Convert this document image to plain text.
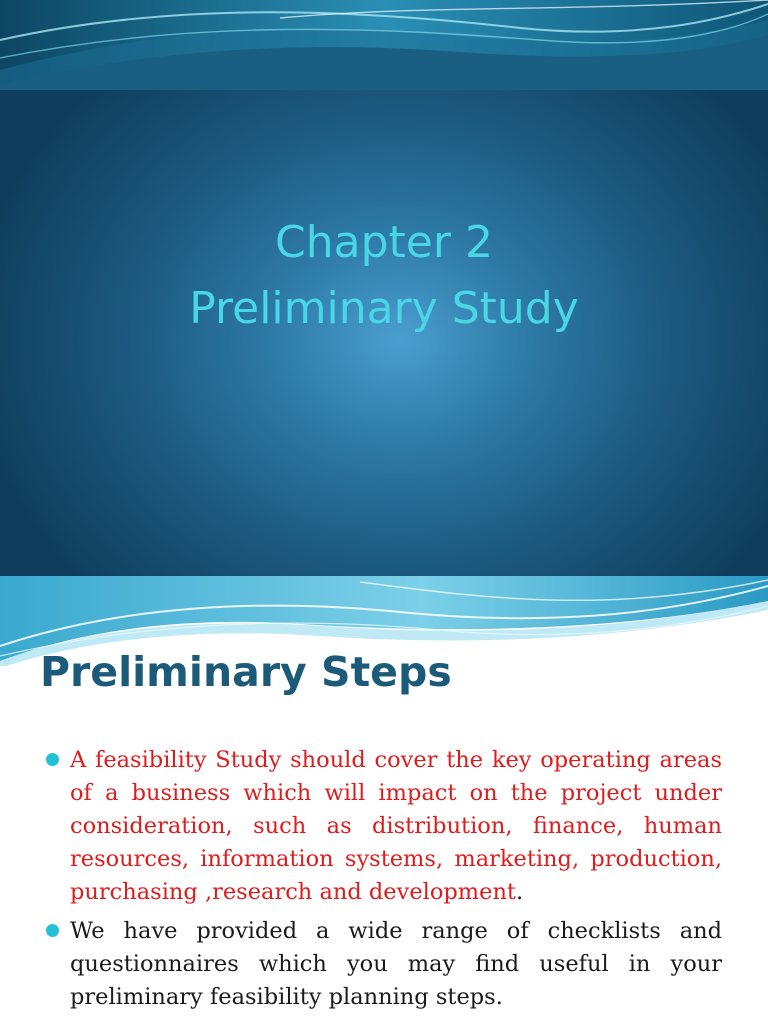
Chapter 2
Preliminary Study
Preliminary Steps
A feasibility Study should cover the key operating areas of a business which will impact on the project under consideration, such as distribution, finance, human resources, information systems, marketing, production, purchasing ,research and development.
We have provided a wide range of checklists and questionnaires which you may find useful in your preliminary feasibility planning steps.
